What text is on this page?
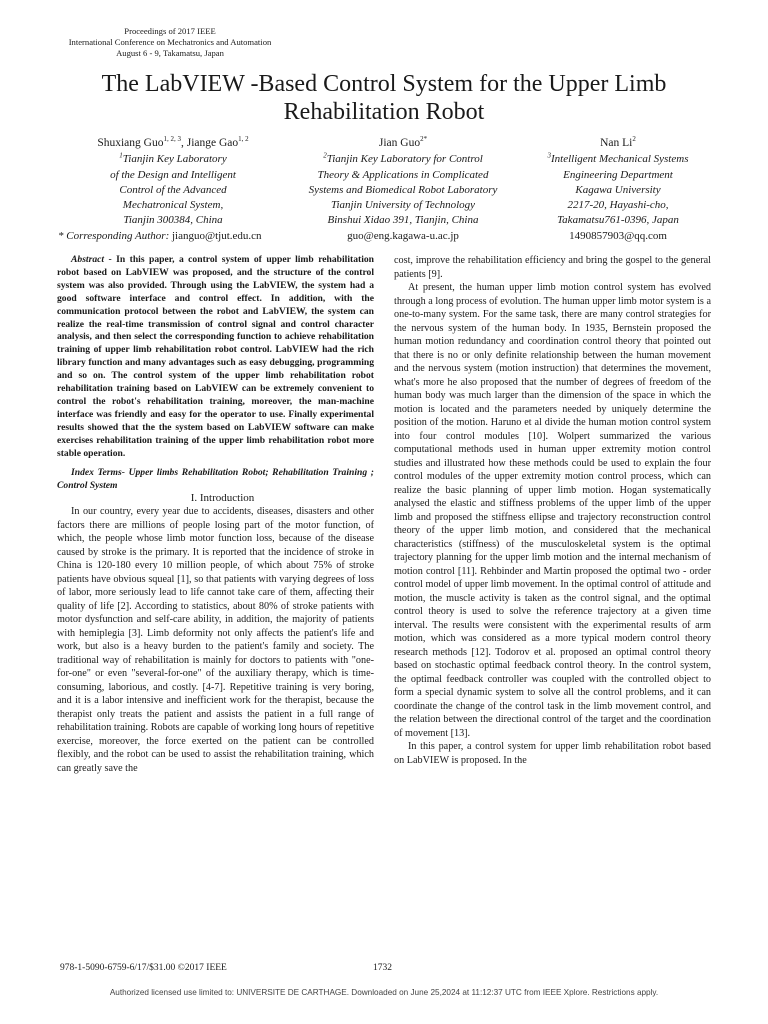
Proceedings of 2017 IEEE
International Conference on Mechatronics and Automation
August 6 - 9, Takamatsu, Japan
The LabVIEW -Based Control System for the Upper Limb
Rehabilitation Robot
Shuxiang Guo$^{1, 2, 3}$, Jiange Gao$^{1, 2}$
$^1$Tianjin Key Laboratory
of the Design and Intelligent
Control of the Advanced
Mechatronical System,
Tianjin 300384, China
* Corresponding Author: jianguo@tjut.edu.cn
Jian Guo$^{2*}$
$^2$Tianjin Key Laboratory for Control
Theory & Applications in Complicated
Systems and Biomedical Robot Laboratory
Tianjin University of Technology
Binshui Xidao 391, Tianjin, China
guo@eng.kagawa-u.ac.jp
Nan Li$^2$
$^3$Intelligent Mechanical Systems
Engineering Department
Kagawa University
2217-20, Hayashi-cho,
Takamatsu761-0396, Japan
1490857903@qq.com

Abstract - In this paper, a control system of upper limb rehabilitation robot based on LabVIEW was proposed, and the structure of the control system was also provided. Through using the LabVIEW, the system had a good software interface and control effect. In addition, with the communication protocol between the robot and LabVIEW, the system can realize the real-time transmission of control signal and control character analysis, and then select the corresponding function to achieve rehabilitation training of upper limb rehabilitation robot control. LabVIEW had the rich library function and many advantages such as easy debugging, programming and so on. The control system of the upper limb rehabilitation robot rehabilitation training based on LabVIEW can be extremely convenient to control the robot's rehabilitation training, moreover, the man-machine interface was friendly and easy for the operator to use. Finally experimental results showed that the the system based on LabVIEW software can make exercises rehabilitation training of the upper limb rehabilitation robot more stable operation.

Index Terms- Upper limbs Rehabilitation Robot; Rehabilitation Training ; Control System

I. Introduction

In our country, every year due to accidents, diseases, disasters and other factors there are millions of people losing part of the motor function, of which, the people whose limb motor function loss, because of the disease caused by stroke is the primary. It is reported that the incidence of stroke in China is 120-180 every 10 million people, of which about 75% of stroke patients have obvious squeal [1], so that patients with varying degrees of loss of labor, more seriously lead to life cannot take care of them, affecting their quality of life [2]. According to statistics, about 80% of stroke patients with motor dysfunction and self-care ability, in addition, the majority of patients with hemiplegia [3]. Limb deformity not only affects the patient's life and work, but also is a heavy burden to the patient's family and society. The traditional way of rehabilitation is mainly for doctors to patients with "one-for-one" or even "several-for-one" of the auxiliary therapy, which is time-consuming, laborious, and costly. [4-7]. Repetitive training is very boring, and it is a labor intensive and inefficient work for the therapist, because the therapist only treats the patient and assists the patient in a full range of rehabilitation training. Robots are capable of working long hours of repetitive exercise, moreover, the force exerted on the patient can be controlled flexibly, and the robot can be used to assist the rehabilitation training, which can greatly save the

cost, improve the rehabilitation efficiency and bring the gospel to the general patients [9].

At present, the human upper limb motion control system has evolved through a long process of evolution. The human upper limb motor system is a one-to-many system. For the same task, there are many control strategies for the nervous system of the human body. In 1935, Bernstein proposed the human motion redundancy and coordination control theory that pointed out that there is no or only definite relationship between the human movement and the nervous system (motion instruction) that determines the movement, what's more he also proposed that the number of degrees of freedom of the human body was much larger than the dimension of the space in which the motion is located and the parameters needed by uniquely determine the position of the motion. Haruno et al divide the human motion control system into four control modules [10]. Wolpert summarized the various computational methods used in human upper extremity motion control studies and illustrated how these methods could be used to explain the four control modules of the upper extremity motion control process, which can realize the basic planning of upper limb motion. Hogan systematically analysed the elastic and stiffness problems of the upper limb of the upper limb and proposed the stiffness ellipse and trajectory reconstruction control theory of the upper limb motion, and considered that the mechanical characteristics (stiffness) of the musculoskeletal system is the optimal trajectory planning for the upper limb motion and the internal mechanism of motion control [11]. Rehbinder and Martin proposed the optimal two - order control model of upper limb movement. In the optimal control of attitude and motion, the muscle activity is taken as the control signal, and the optimal control theory is used to solve the reference trajectory at a given time interval. The results were consistent with the experimental results of arm motion, which was considered as a more typical modern control theory research methods [12]. Todorov et al. proposed an optimal control theory based on stochastic optimal feedback control theory. In the control system, the optimal feedback controller was coupled with the controlled object to form a special dynamic system to solve all the control problems, and it can coordinate the change of the control task in the limb movement control, and the relation between the directional control of the target and the coordination of movement [13].

In this paper, a control system for upper limb rehabilitation robot based on LabVIEW is proposed. In the

978-1-5090-6759-6/17/$31.00 ©2017 IEEE	1732
Authorized licensed use limited to: UNIVERSITE DE CARTHAGE. Downloaded on June 25,2024 at 11:12:37 UTC from IEEE Xplore. Restrictions apply.
